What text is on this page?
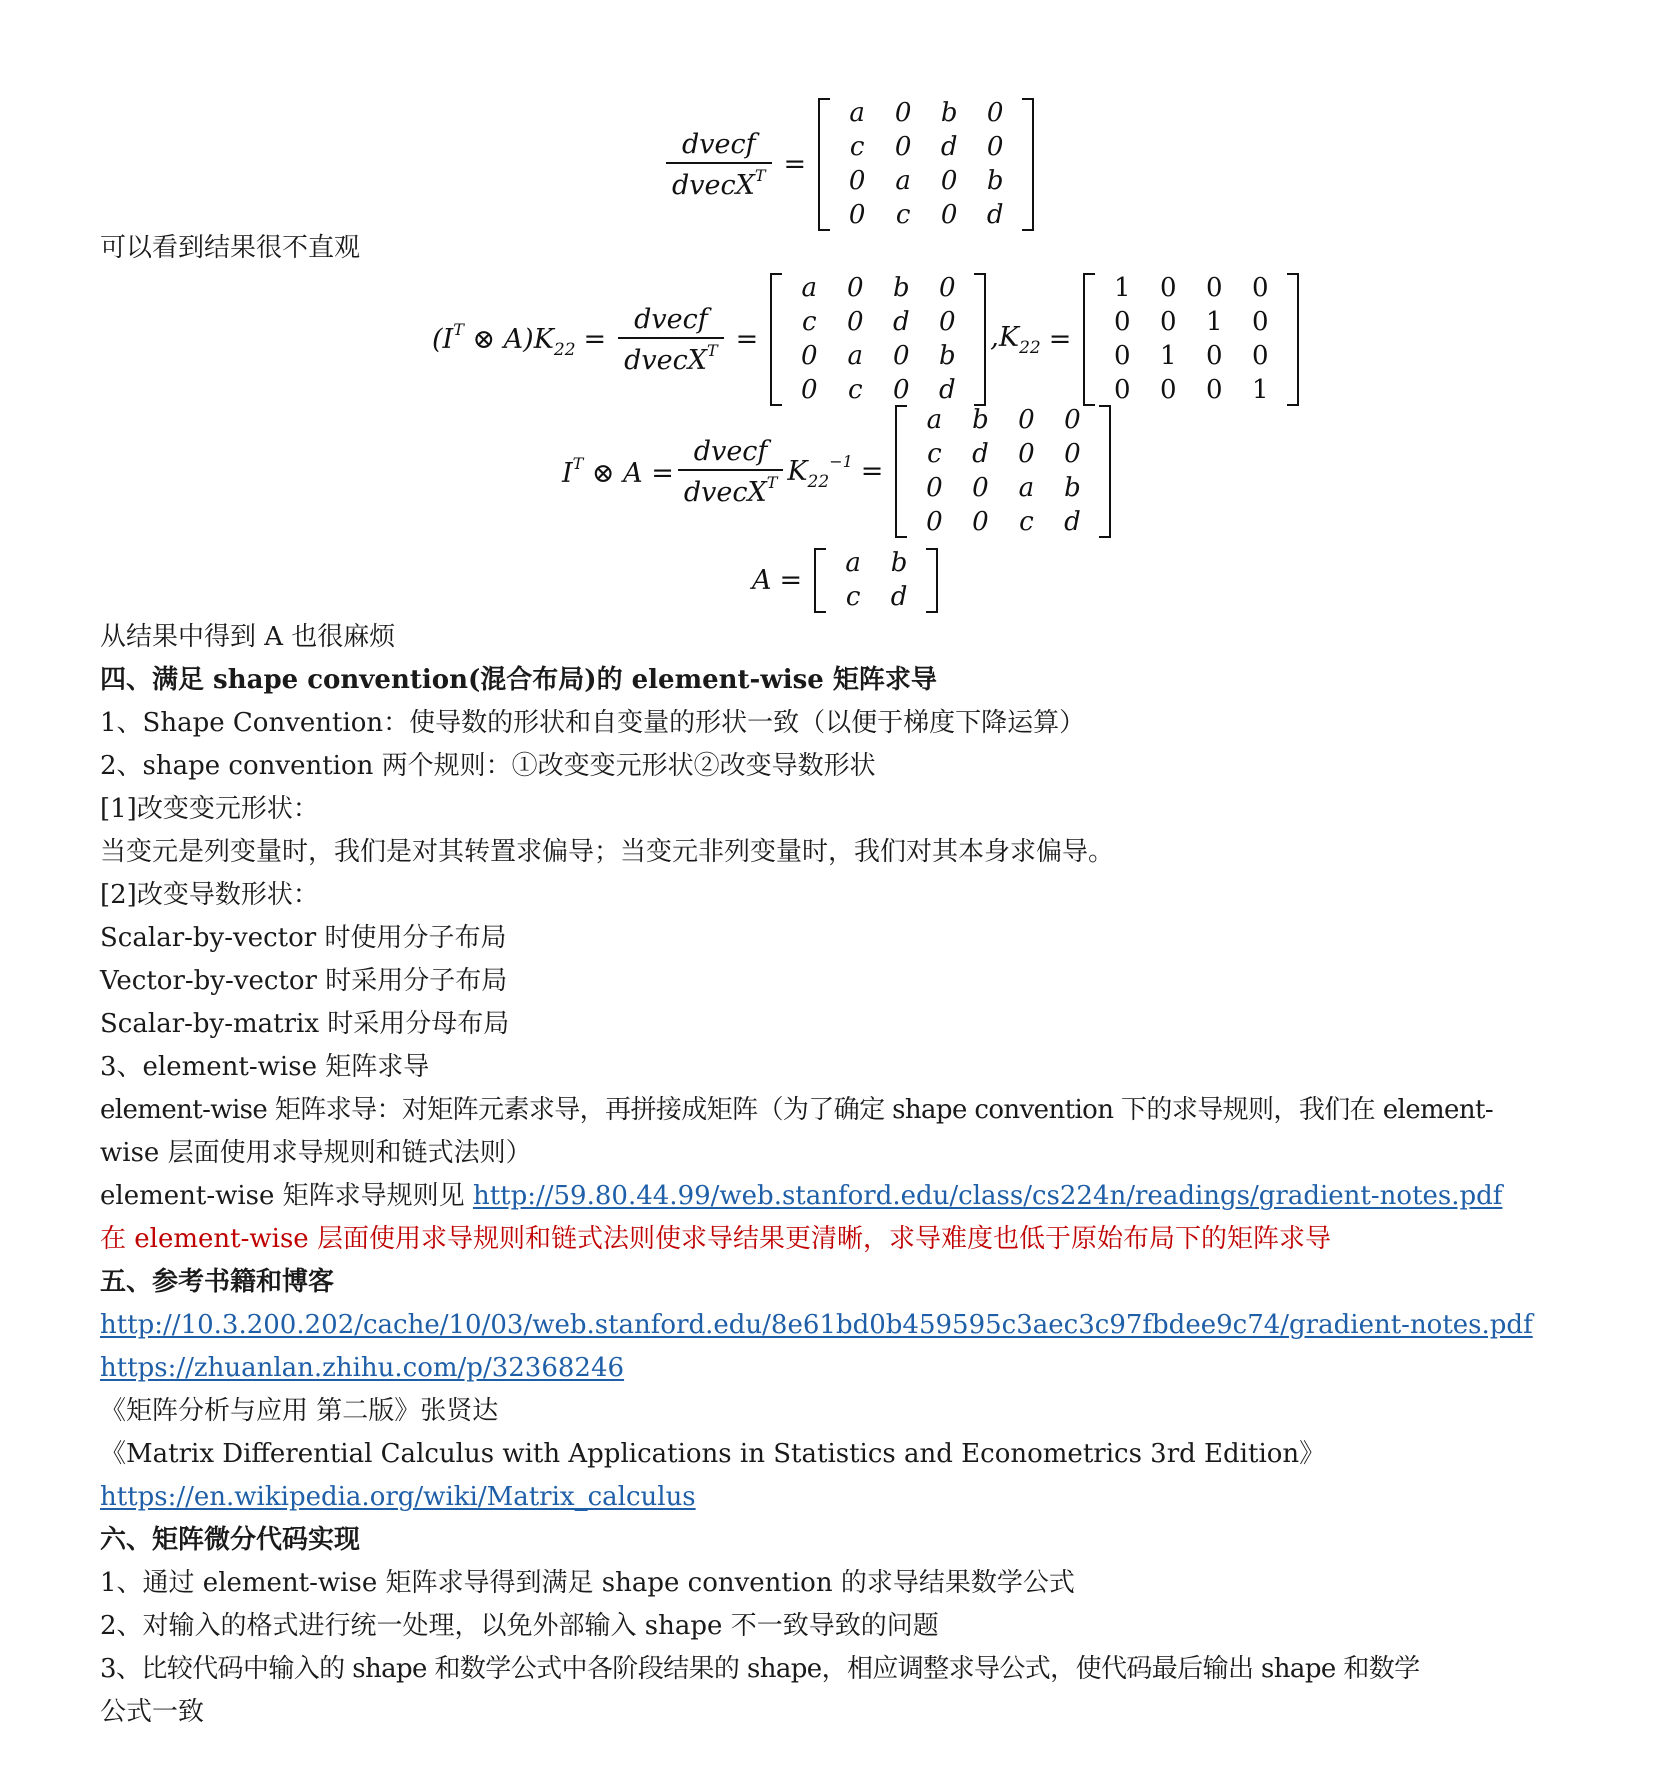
$\frac{\text{dvecf}}{dvecX^T}$ =
a	0	b	0
c	0	d	0
0	a	0	b
0	c	0	d
可以看到结果很不直观
($I^T$ ⊗ $A)K_{22} = \frac{\text{dvecf}}{dvecX^T}$ =
a	0	b	0
c	0	d	0
0	a	0	b
0	c	0	d
$,K_{22}$ =
1	0	0	0
0	0	1	0
0	1	0	0
0	0	0	1
$I^T$ ⊗ $A = \frac{\text{dvecf}}{dvecX^T} K_{22}^{-1}$ =
a	b	0	0
c	d	0	0
0	0	a	b
0	0	c	d
A =
a	b
c	d
从结果中得到 A 也很麻烦
四、满足 shape convention(混合布局)的 element-wise 矩阵求导
1、Shape Convention：使导数的形状和自变量的形状一致（以便于梯度下降运算）
2、shape convention 两个规则：①改变变元形状②改变导数形状
[1]改变变元形状：
当变元是列变量时，我们是对其转置求偏导；当变元非列变量时，我们对其本身求偏导。
[2]改变导数形状：
Scalar-by-vector 时使用分子布局
Vector-by-vector 时采用分子布局
Scalar-by-matrix 时采用分母布局
3、element-wise 矩阵求导
element-wise 矩阵求导：对矩阵元素求导，再拼接成矩阵（为了确定 shape convention 下的求导规则，我们在 element-
wise 层面使用求导规则和链式法则）
element-wise 矩阵求导规则见 http://59.80.44.99/web.stanford.edu/class/cs224n/readings/gradient-notes.pdf
在 element-wise 层面使用求导规则和链式法则使求导结果更清晰，求导难度也低于原始布局下的矩阵求导
五、参考书籍和博客
http://10.3.200.202/cache/10/03/web.stanford.edu/8e61bd0b459595c3aec3c97fbdee9c74/gradient-notes.pdf
https://zhuanlan.zhihu.com/p/32368246
《矩阵分析与应用 第二版》张贤达
《Matrix Differential Calculus with Applications in Statistics and Econometrics 3rd Edition》
https://en.wikipedia.org/wiki/Matrix_calculus
六、矩阵微分代码实现
1、通过 element-wise 矩阵求导得到满足 shape convention 的求导结果数学公式
2、对输入的格式进行统一处理，以免外部输入 shape 不一致导致的问题
3、比较代码中输入的 shape 和数学公式中各阶段结果的 shape，相应调整求导公式，使代码最后输出 shape 和数学
公式一致
